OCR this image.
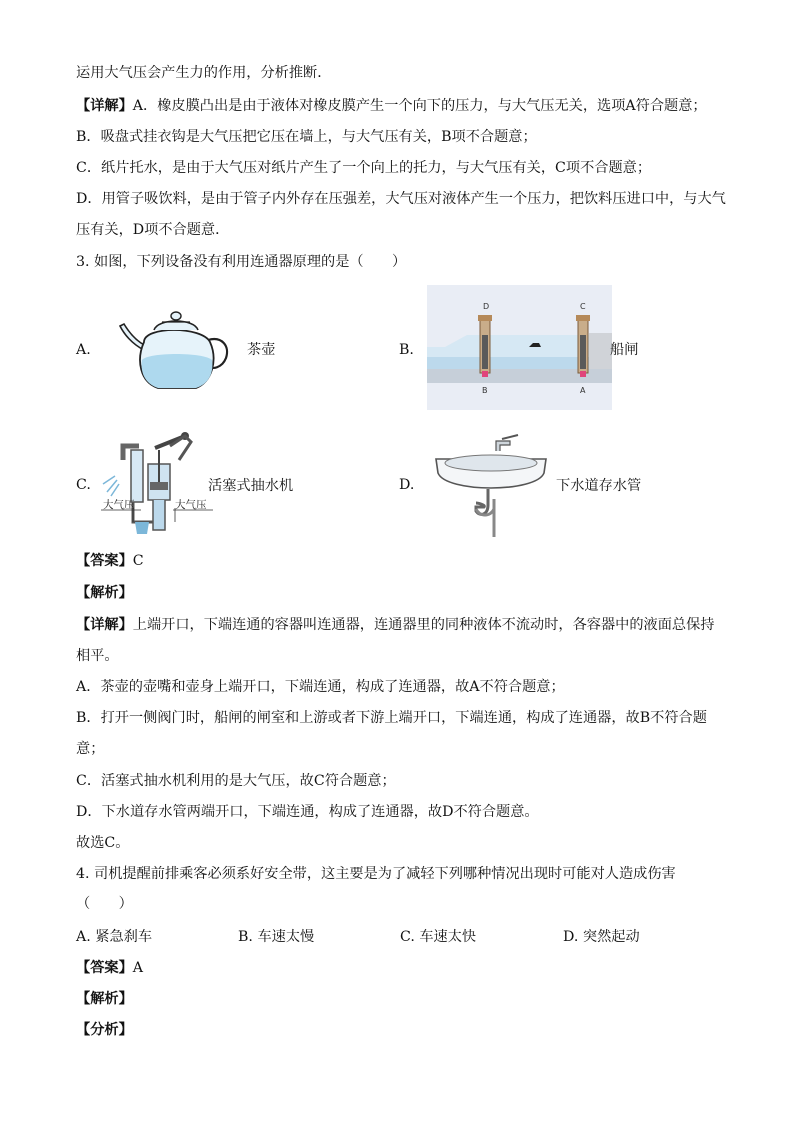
运用大气压会产生力的作用，分析推断．
【详解】A．橡皮膜凸出是由于液体对橡皮膜产生一个向下的压力，与大气压无关，选项A符合题意；
B．吸盘式挂衣钩是大气压把它压在墙上，与大气压有关，B项不合题意；
C．纸片托水，是由于大气压对纸片产生了一个向上的托力，与大气压有关，C项不合题意；
D．用管子吸饮料，是由于管子内外存在压强差，大气压对液体产生一个压力，把饮料压进口中，与大气
压有关，D项不合题意．
3. 如图，下列设备没有利用连通器原理的是（　　）
A.	茶壶	B.
D	C
B	A
船闸
C.
大气压	大气压
活塞式抽水机	D.	下水道存水管
【答案】C
【解析】
【详解】上端开口，下端连通的容器叫连通器，连通器里的同种液体不流动时，各容器中的液面总保持
相平。
A．茶壶的壶嘴和壶身上端开口，下端连通，构成了连通器，故A不符合题意；
B．打开一侧阀门时，船闸的闸室和上游或者下游上端开口，下端连通，构成了连通器，故B不符合题
意；
C．活塞式抽水机利用的是大气压，故C符合题意；
D．下水道存水管两端开口，下端连通，构成了连通器，故D不符合题意。
故选C。
4. 司机提醒前排乘客必须系好安全带，这主要是为了减轻下列哪种情况出现时可能对人造成伤害
（　　）
A. 紧急刹车	B. 车速太慢	C. 车速太快	D. 突然起动
【答案】A
【解析】
【分析】
